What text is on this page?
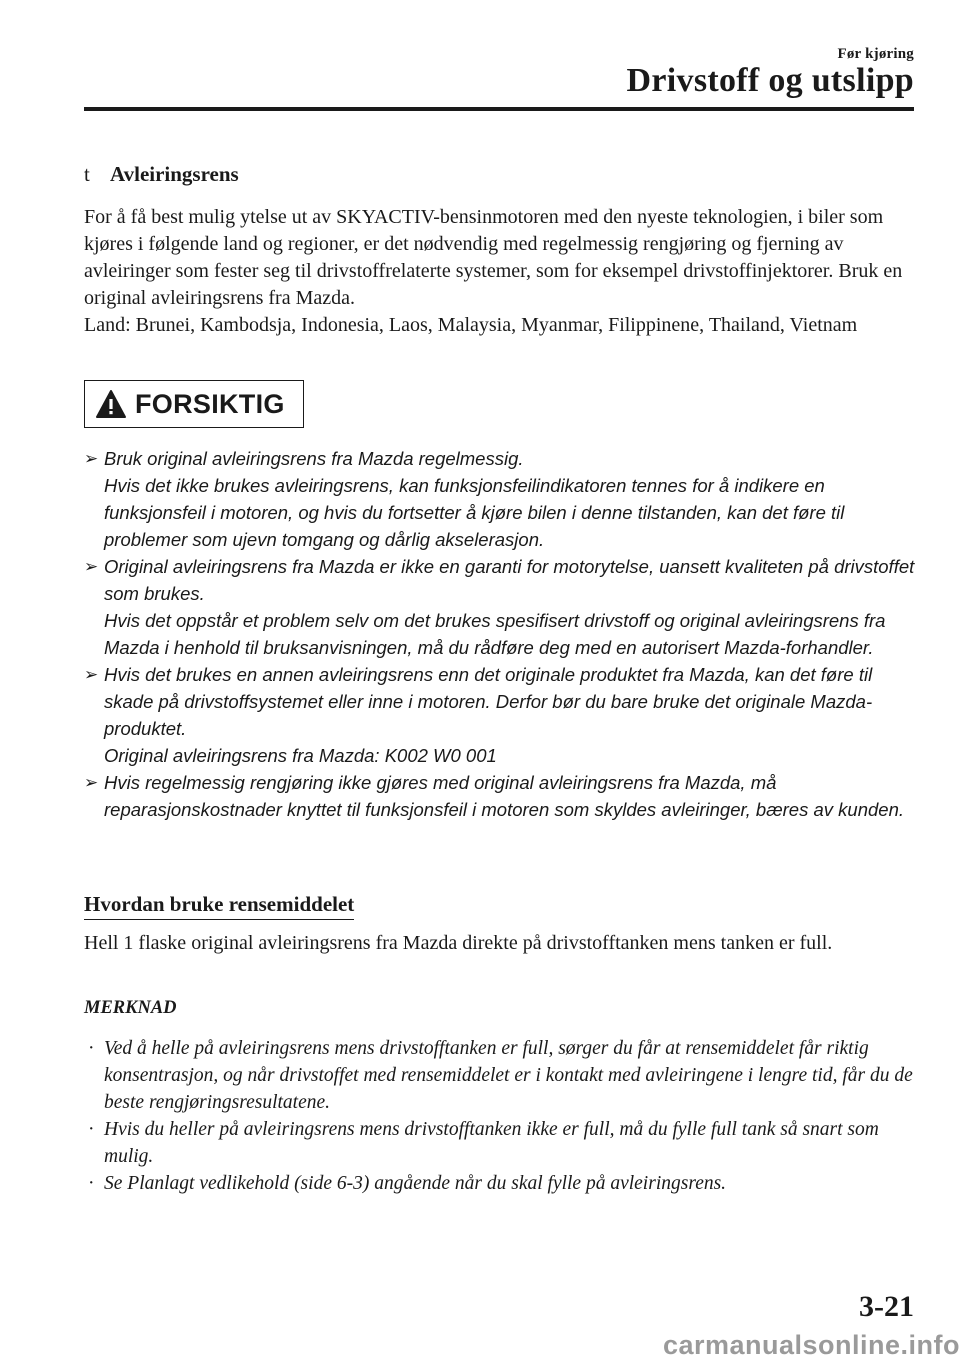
Før kjøring
Drivstoff og utslipp
t Avleiringsrens

For å få best mulig ytelse ut av SKYACTIV-bensinmotoren med den nyeste teknologien, i biler som kjøres i følgende land og regioner, er det nødvendig med regelmessig rengjøring og fjerning av avleiringer som fester seg til drivstoffrelaterte systemer, som for eksempel drivstoffinjektorer. Bruk en original avleiringsrens fra Mazda.
Land: Brunei, Kambodsja, Indonesia, Laos, Malaysia, Myanmar, Filippinene, Thailand, Vietnam

FORSIKTIG
➢ Bruk original avleiringsrens fra Mazda regelmessig.
Hvis det ikke brukes avleiringsrens, kan funksjonsfeilindikatoren tennes for å indikere en funksjonsfeil i motoren, og hvis du fortsetter å kjøre bilen i denne tilstanden, kan det føre til problemer som ujevn tomgang og dårlig akselerasjon.
➢ Original avleiringsrens fra Mazda er ikke en garanti for motorytelse, uansett kvaliteten på drivstoffet som brukes.
Hvis det oppstår et problem selv om det brukes spesifisert drivstoff og original avleiringsrens fra Mazda i henhold til bruksanvisningen, må du rådføre deg med en autorisert Mazda-forhandler.
➢ Hvis det brukes en annen avleiringsrens enn det originale produktet fra Mazda, kan det føre til skade på drivstoffsystemet eller inne i motoren. Derfor bør du bare bruke det originale Mazda-produktet.
Original avleiringsrens fra Mazda: K002 W0 001
➢ Hvis regelmessig rengjøring ikke gjøres med original avleiringsrens fra Mazda, må reparasjonskostnader knyttet til funksjonsfeil i motoren som skyldes avleiringer, bæres av kunden.
Hvordan bruke rensemiddelet

Hell 1 flaske original avleiringsrens fra Mazda direkte på drivstofftanken mens tanken er full.

MERKNAD
· Ved å helle på avleiringsrens mens drivstofftanken er full, sørger du får at rensemiddelet får riktig konsentrasjon, og når drivstoffet med rensemiddelet er i kontakt med avleiringene i lengre tid, får du de beste rengjøringsresultatene.
· Hvis du heller på avleiringsrens mens drivstofftanken ikke er full, må du fylle full tank så snart som mulig.
· Se Planlagt vedlikehold (side 6-3) angående når du skal fylle på avleiringsrens.
3-21
carmanualsonline.info
